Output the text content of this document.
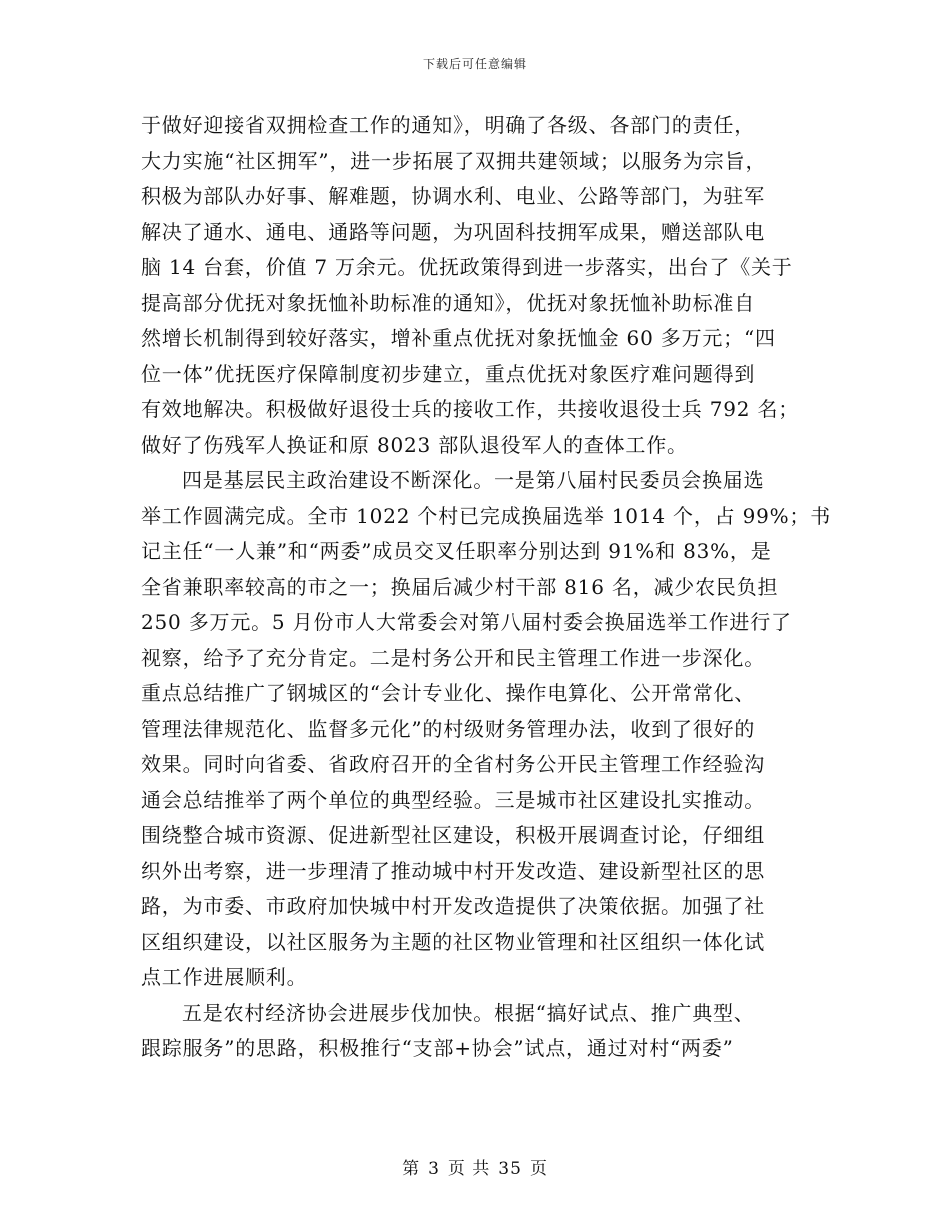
下载后可任意编辑
于做好迎接省双拥检查工作的通知》，明确了各级、各部门的责任，
大力实施“社区拥军”，进一步拓展了双拥共建领域；以服务为宗旨，
积极为部队办好事、解难题，协调水利、电业、公路等部门，为驻军
解决了通水、通电、通路等问题，为巩固科技拥军成果，赠送部队电
脑 14 台套，价值 7 万余元。优抚政策得到进一步落实，出台了《关于
提高部分优抚对象抚恤补助标准的通知》，优抚对象抚恤补助标准自
然增长机制得到较好落实，增补重点优抚对象抚恤金 60 多万元；“四
位一体”优抚医疗保障制度初步建立，重点优抚对象医疗难问题得到
有效地解决。积极做好退役士兵的接收工作，共接收退役士兵 792 名；
做好了伤残军人换证和原 8023 部队退役军人的查体工作。
四是基层民主政治建设不断深化。一是第八届村民委员会换届选
举工作圆满完成。全市 1022 个村已完成换届选举 1014 个，占 99%；书
记主任“一人兼”和“两委”成员交叉任职率分别达到 91%和 83%，是
全省兼职率较高的市之一；换届后减少村干部 816 名，减少农民负担
250 多万元。5 月份市人大常委会对第八届村委会换届选举工作进行了
视察，给予了充分肯定。二是村务公开和民主管理工作进一步深化。
重点总结推广了钢城区的“会计专业化、操作电算化、公开常常化、
管理法律规范化、监督多元化”的村级财务管理办法，收到了很好的
效果。同时向省委、省政府召开的全省村务公开民主管理工作经验沟
通会总结推举了两个单位的典型经验。三是城市社区建设扎实推动。
围绕整合城市资源、促进新型社区建设，积极开展调查讨论，仔细组
织外出考察，进一步理清了推动城中村开发改造、建设新型社区的思
路，为市委、市政府加快城中村开发改造提供了决策依据。加强了社
区组织建设，以社区服务为主题的社区物业管理和社区组织一体化试
点工作进展顺利。
五是农村经济协会进展步伐加快。根据“搞好试点、推广典型、
跟踪服务”的思路，积极推行“支部+协会”试点，通过对村“两委”
第 3 页 共 35 页
